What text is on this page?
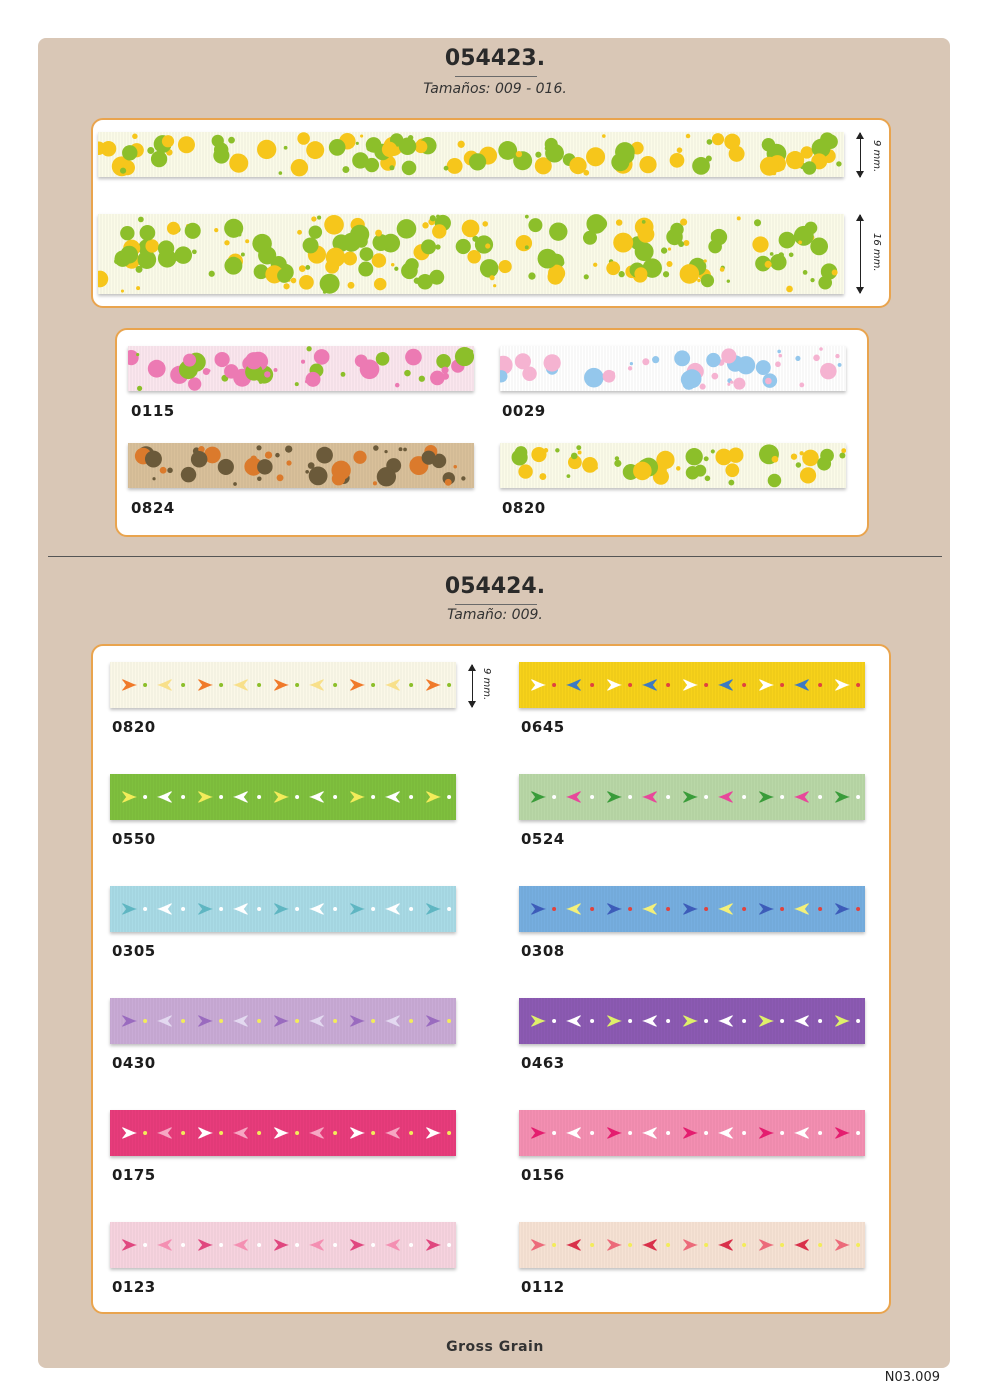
054423.
Tamaños: 009 - 016.
9 mm.
16 mm.
0115	0029
0824	0820
054424.
Tamaño: 009.
9 mm.
0820	0645
0550	0524
0305	0308
0430	0463
0175	0156
0123	0112
Gross Grain
N03.009
